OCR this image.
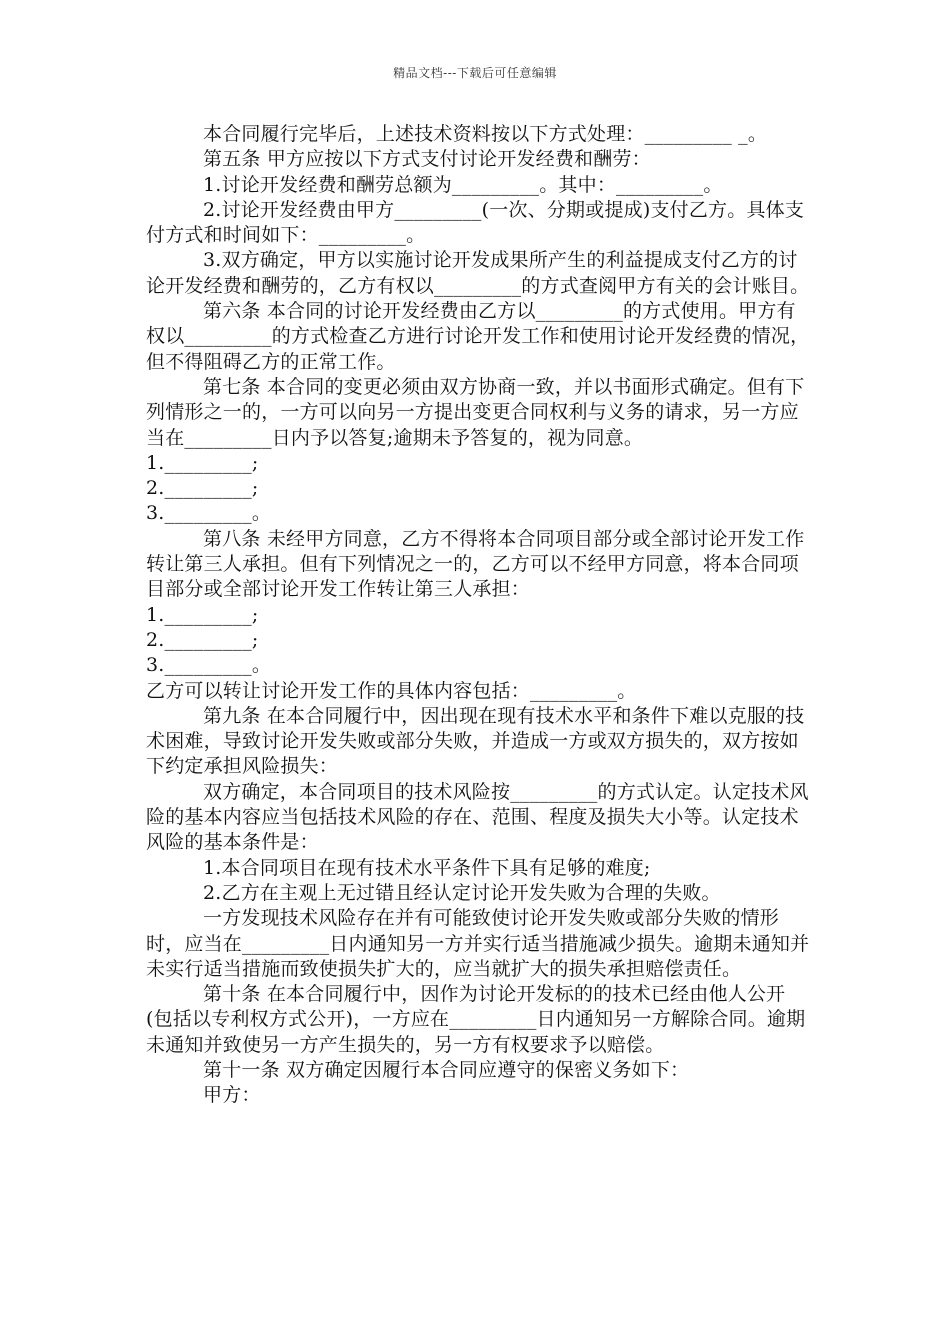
精品文档---下载后可任意编辑

本合同履行完毕后，上述技术资料按以下方式处理：_________ _。

第五条 甲方应按以下方式支付讨论开发经费和酬劳：

1.讨论开发经费和酬劳总额为_________。其中：_________。

2.讨论开发经费由甲方_________(一次、分期或提成)支付乙方。具体支付方式和时间如下：_________。

3.双方确定，甲方以实施讨论开发成果所产生的利益提成支付乙方的讨论开发经费和酬劳的，乙方有权以_________的方式查阅甲方有关的会计账目。

第六条 本合同的讨论开发经费由乙方以_________的方式使用。甲方有权以_________的方式检查乙方进行讨论开发工作和使用讨论开发经费的情况，但不得阻碍乙方的正常工作。

第七条 本合同的变更必须由双方协商一致，并以书面形式确定。但有下列情形之一的，一方可以向另一方提出变更合同权利与义务的请求，另一方应当在_________日内予以答复;逾期未予答复的，视为同意。

1._________;

2._________;

3._________。

第八条 未经甲方同意，乙方不得将本合同项目部分或全部讨论开发工作转让第三人承担。但有下列情况之一的，乙方可以不经甲方同意，将本合同项目部分或全部讨论开发工作转让第三人承担：

1._________;

2._________;

3._________。

乙方可以转让讨论开发工作的具体内容包括：_________。

第九条 在本合同履行中，因出现在现有技术水平和条件下难以克服的技术困难，导致讨论开发失败或部分失败，并造成一方或双方损失的，双方按如下约定承担风险损失：

双方确定，本合同项目的技术风险按_________的方式认定。认定技术风险的基本内容应当包括技术风险的存在、范围、程度及损失大小等。认定技术风险的基本条件是：

1.本合同项目在现有技术水平条件下具有足够的难度;

2.乙方在主观上无过错且经认定讨论开发失败为合理的失败。

一方发现技术风险存在并有可能致使讨论开发失败或部分失败的情形时，应当在_________日内通知另一方并实行适当措施减少损失。逾期未通知并未实行适当措施而致使损失扩大的，应当就扩大的损失承担赔偿责任。

第十条 在本合同履行中，因作为讨论开发标的的技术已经由他人公开(包括以专利权方式公开)，一方应在_________日内通知另一方解除合同。逾期未通知并致使另一方产生损失的，另一方有权要求予以赔偿。

第十一条 双方确定因履行本合同应遵守的保密义务如下：

甲方：
